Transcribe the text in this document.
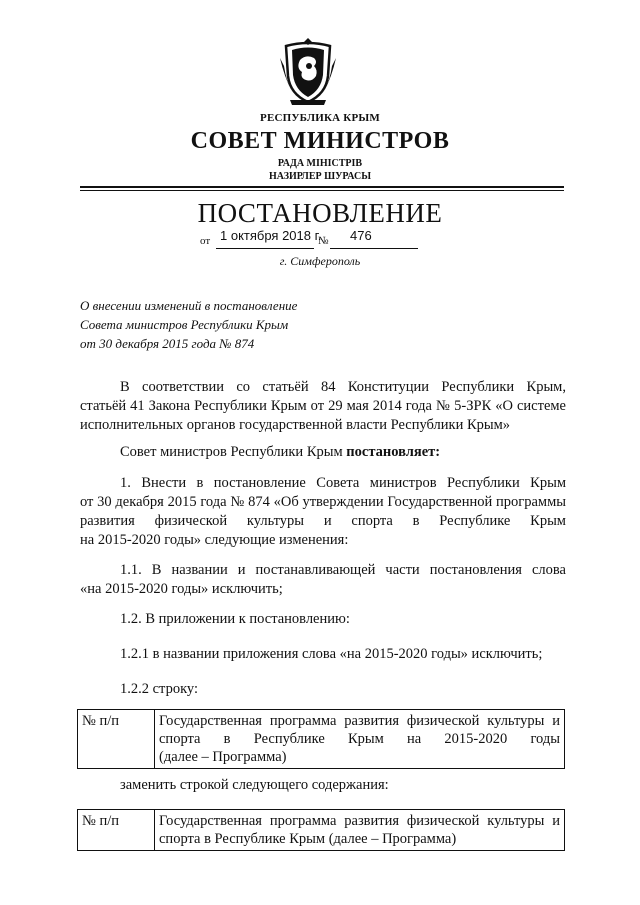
РЕСПУБЛИКА КРЫМ
СОВЕТ МИНИСТРОВ
РАДА МІНІСТРІВ
НАЗИРЛЕР ШУРАСЫ
ПОСТАНОВЛЕНИЕ
от 1 октября 2018 г.
№ 476
г. Симферополь
О внесении изменений в постановление
Совета министров Республики Крым
от 30 декабря 2015 года № 874
В соответствии со статьёй 84 Конституции Республики Крым,
статьёй 41 Закона Республики Крым от 29 мая 2014 года № 5-ЗРК «О системе
исполнительных органов государственной власти Республики Крым»
Совет министров Республики Крым постановляет:
1. Внести в постановление Совета министров Республики Крым
от 30 декабря 2015 года № 874 «Об утверждении Государственной программы
развития физической культуры и спорта в Республике Крым
на 2015-2020 годы» следующие изменения:
1.1. В названии и постанавливающей части постановления слова
«на 2015-2020 годы» исключить;
1.2. В приложении к постановлению:
1.2.1 в названии приложения слова «на 2015-2020 годы» исключить;
1.2.2 строку:
№ п/п	Государственная программа развития физической культуры и
спорта в Республике Крым на 2015-2020 годы
(далее – Программа)
заменить строкой следующего содержания:
№ п/п	Государственная программа развития физической культуры и
спорта в Республике Крым (далее – Программа)
